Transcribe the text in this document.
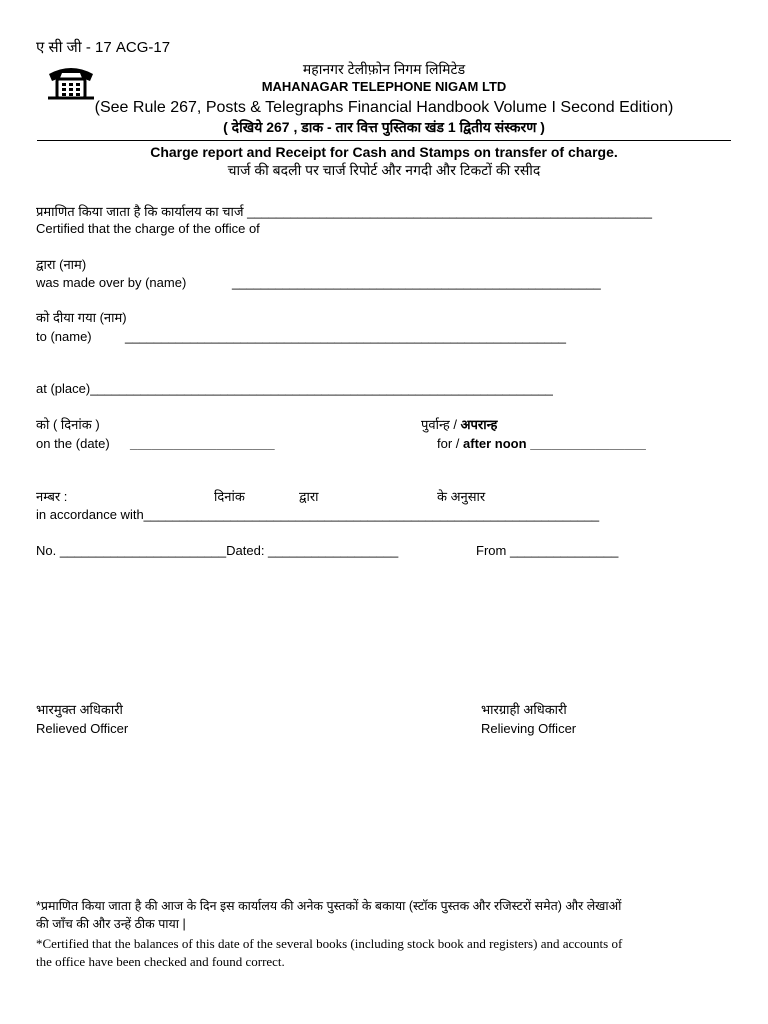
ए सी जी - 17 ACG-17
महानगर टेलीफ़ोन निगम लिमिटेड
MAHANAGAR TELEPHONE NIGAM LTD
(See Rule 267, Posts & Telegraphs Financial Handbook Volume I Second Edition)
( देखिये 267 , डाक - तार वित्त पुस्तिका खंड 1 द्वितीय संस्करण )
Charge report and Receipt for Cash and Stamps on transfer of charge.
चार्ज की बदली पर चार्ज रिपोर्ट और नगदी और टिकटों की रसीद
प्रमाणित किया जाता है कि कार्यालय का चार्ज ________________________________________________________
Certified that the charge of the office of
द्वारा (नाम)
was made over by (name)	___________________________________________________
को दीया गया (नाम)
to (name)	_____________________________________________________________
at (place)________________________________________________________________
को ( दिनांक )
on the (date) ____________________
पुर्वान्ह / अपरान्ह
for / after noon ________________
नम्बर :	दिनांक	द्वारा	के अनुसार
in accordance with_______________________________________________________________
No. _______________________Dated: __________________	From _______________
भारमुक्त अधिकारी
Relieved Officer
भारग्राही अधिकारी
Relieving Officer
*प्रमाणित किया जाता है की आज के दिन इस कार्यालय की अनेक पुस्तकों के बकाया (स्टॉक पुस्तक और रजिस्टरों समेत) और लेखाओं
की जाँच की और उन्हें ठीक पाया |
*Certified that the balances of this date of the several books (including stock book and registers) and accounts of
the office have been checked and found correct.
